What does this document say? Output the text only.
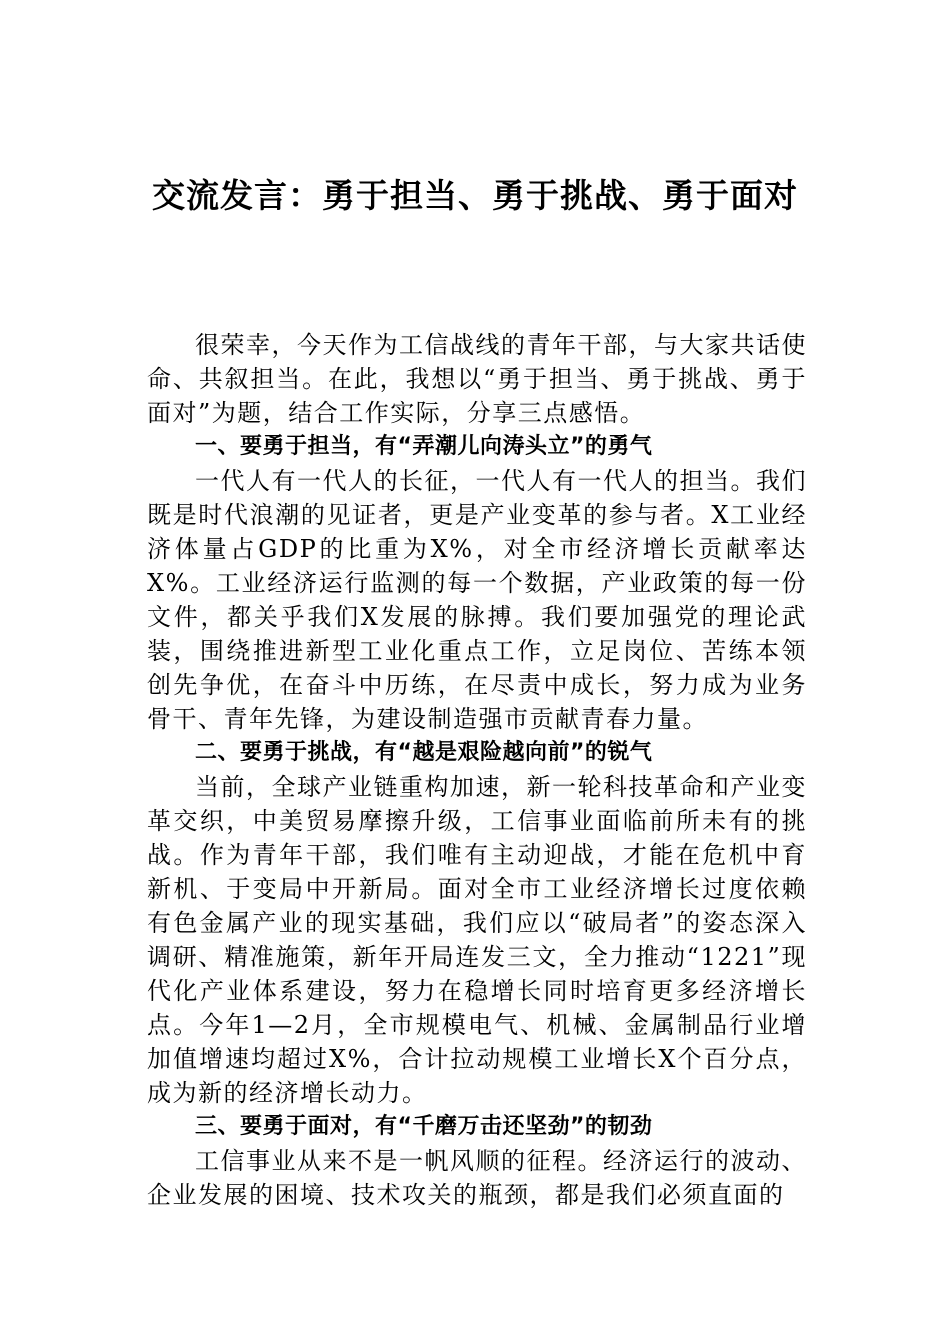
交流发言：勇于担当、勇于挑战、勇于面对

很荣幸，今天作为工信战线的青年干部，与大家共话使命、共叙担当。在此，我想以“勇于担当、勇于挑战、勇于面对”为题，结合工作实际，分享三点感悟。

一、要勇于担当，有“弄潮儿向涛头立”的勇气

一代人有一代人的长征，一代人有一代人的担当。我们既是时代浪潮的见证者，更是产业变革的参与者。X工业经济体量占GDP的比重为X%，对全市经济增长贡献率达X%。工业经济运行监测的每一个数据，产业政策的每一份文件，都关乎我们X发展的脉搏。我们要加强党的理论武装，围绕推进新型工业化重点工作，立足岗位、苦练本领创先争优，在奋斗中历练，在尽责中成长，努力成为业务骨干、青年先锋，为建设制造强市贡献青春力量。

二、要勇于挑战，有“越是艰险越向前”的锐气

当前，全球产业链重构加速，新一轮科技革命和产业变革交织，中美贸易摩擦升级，工信事业面临前所未有的挑战。作为青年干部，我们唯有主动迎战，才能在危机中育新机、于变局中开新局。面对全市工业经济增长过度依赖有色金属产业的现实基础，我们应以“破局者”的姿态深入调研、精准施策，新年开局连发三文，全力推动“1221”现代化产业体系建设，努力在稳增长同时培育更多经济增长点。今年1—2月，全市规模电气、机械、金属制品行业增加值增速均超过X%，合计拉动规模工业增长X个百分点，成为新的经济增长动力。

三、要勇于面对，有“千磨万击还坚劲”的韧劲

工信事业从来不是一帆风顺的征程。经济运行的波动、企业发展的困境、技术攻关的瓶颈，都是我们必须直面的
